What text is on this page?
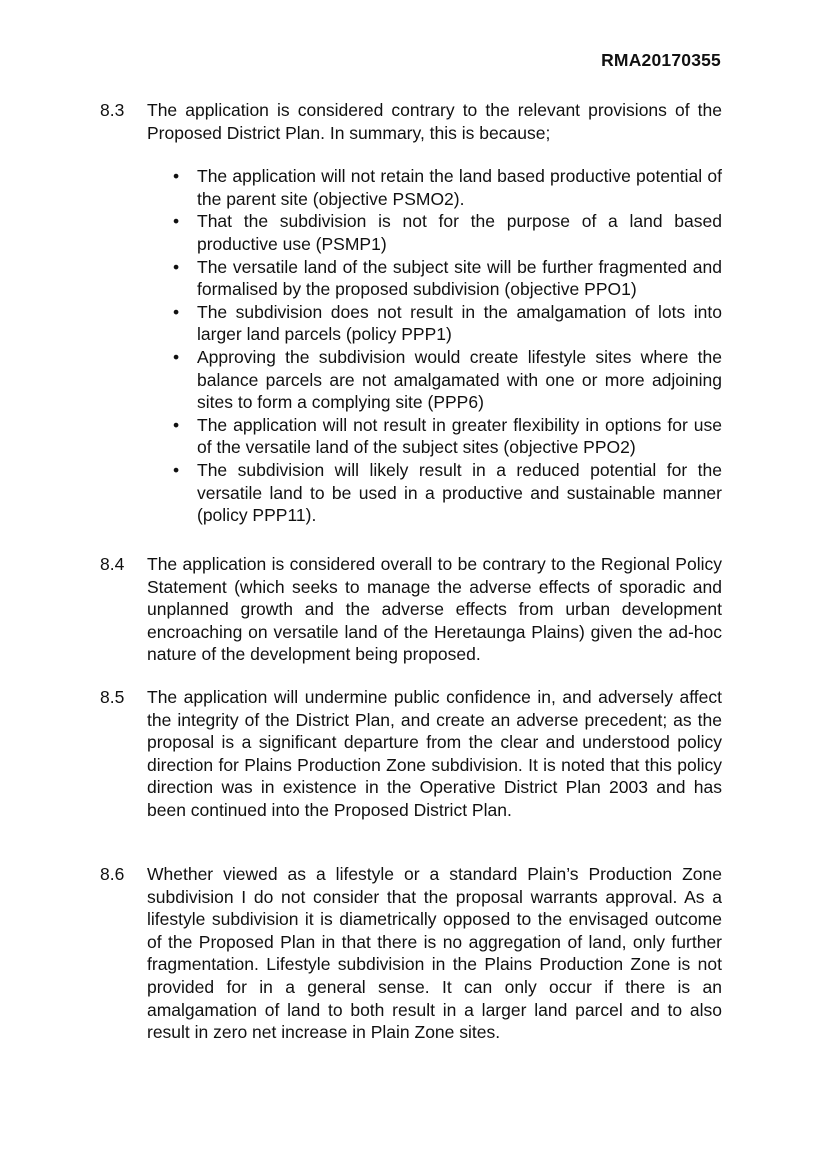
RMA20170355
8.3 The application is considered contrary to the relevant provisions of the Proposed District Plan. In summary, this is because;

• The application will not retain the land based productive potential of the parent site (objective PSMO2).
• That the subdivision is not for the purpose of a land based productive use (PSMP1)
• The versatile land of the subject site will be further fragmented and formalised by the proposed subdivision (objective PPO1)
• The subdivision does not result in the amalgamation of lots into larger land parcels (policy PPP1)
• Approving the subdivision would create lifestyle sites where the balance parcels are not amalgamated with one or more adjoining sites to form a complying site (PPP6)
• The application will not result in greater flexibility in options for use of the versatile land of the subject sites (objective PPO2)
• The subdivision will likely result in a reduced potential for the versatile land to be used in a productive and sustainable manner (policy PPP11).
8.4 The application is considered overall to be contrary to the Regional Policy Statement (which seeks to manage the adverse effects of sporadic and unplanned growth and the adverse effects from urban development encroaching on versatile land of the Heretaunga Plains) given the ad-hoc nature of the development being proposed.

8.5 The application will undermine public confidence in, and adversely affect the integrity of the District Plan, and create an adverse precedent; as the proposal is a significant departure from the clear and understood policy direction for Plains Production Zone subdivision. It is noted that this policy direction was in existence in the Operative District Plan 2003 and has been continued into the Proposed District Plan.

8.6 Whether viewed as a lifestyle or a standard Plain’s Production Zone subdivision I do not consider that the proposal warrants approval. As a lifestyle subdivision it is diametrically opposed to the envisaged outcome of the Proposed Plan in that there is no aggregation of land, only further fragmentation. Lifestyle subdivision in the Plains Production Zone is not provided for in a general sense. It can only occur if there is an amalgamation of land to both result in a larger land parcel and to also result in zero net increase in Plain Zone sites.
